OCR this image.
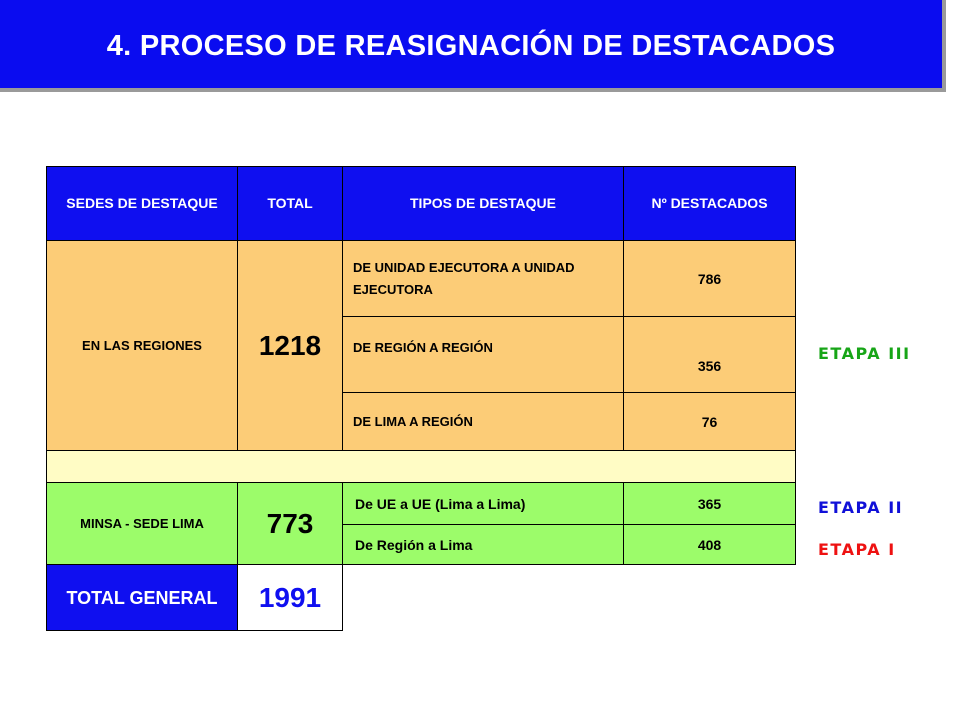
4. PROCESO DE REASIGNACIÓN DE DESTACADOS
SEDES DE DESTAQUE	TOTAL	TIPOS DE DESTAQUE	Nº DESTACADOS
EN LAS REGIONES	1218	DE UNIDAD EJECUTORA A UNIDAD EJECUTORA	786
		DE REGIÓN A REGIÓN	356
		DE LIMA A REGIÓN	76

MINSA - SEDE LIMA	773	De UE a UE (Lima a Lima)	365
		De Región a Lima	408
TOTAL GENERAL	1991		
ETAPA III
ETAPA II
ETAPA I
